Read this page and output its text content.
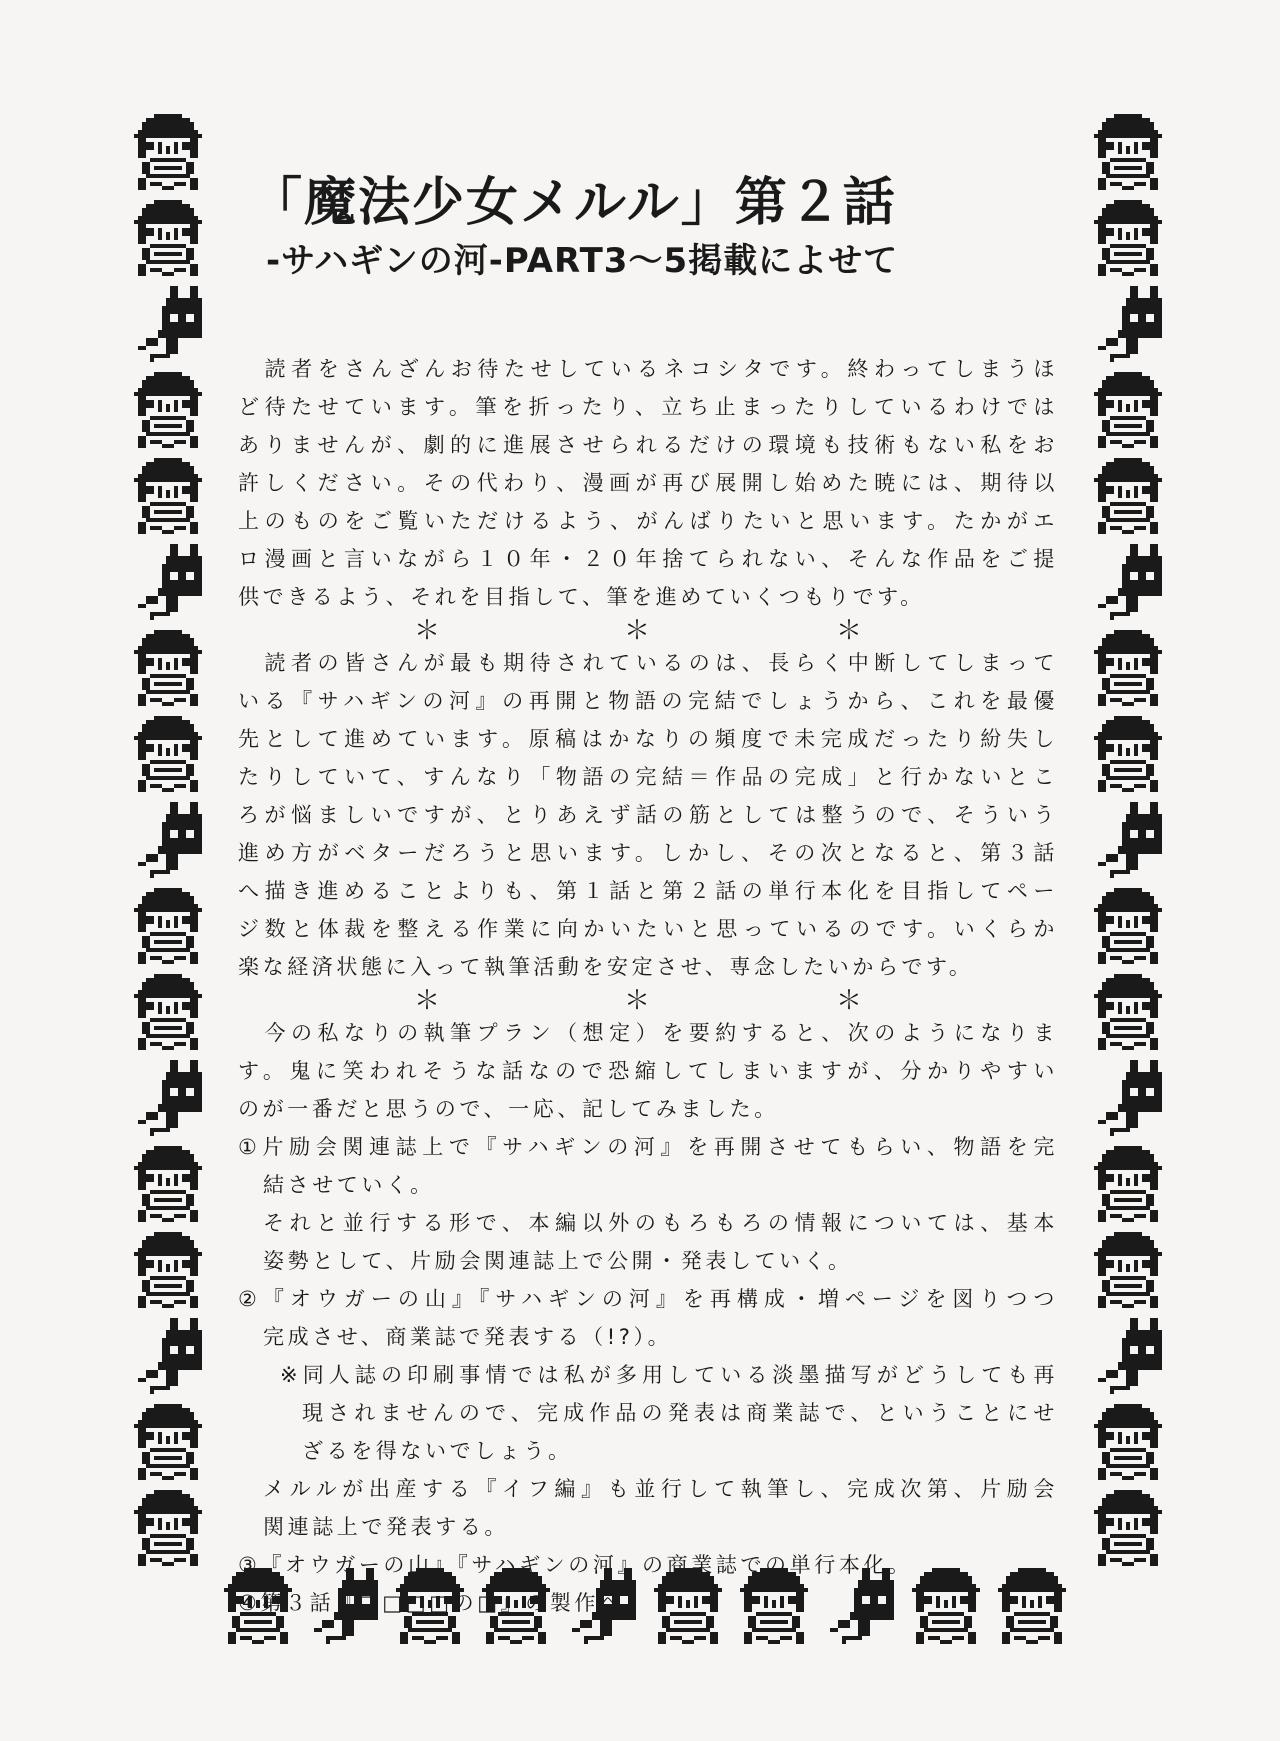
「魔法少女メルル」第２話
-サハギンの河-PART3〜5掲載によせて
　読者をさんざんお待たせしているネコシタです。終わってしまうほ
ど待たせています。筆を折ったり、立ち止まったりしているわけでは
ありませんが、劇的に進展させられるだけの環境も技術もない私をお
許しください。その代わり、漫画が再び展開し始めた暁には、期待以
上のものをご覧いただけるよう、がんばりたいと思います。たかがエ
ロ漫画と言いながら１０年・２０年捨てられない、そんな作品をご提
供できるよう、それを目指して、筆を進めていくつもりです。
＊	＊	＊
　読者の皆さんが最も期待されているのは、長らく中断してしまって
いる『サハギンの河』の再開と物語の完結でしょうから、これを最優
先として進めています。原稿はかなりの頻度で未完成だったり紛失し
たりしていて、すんなり「物語の完結＝作品の完成」と行かないとこ
ろが悩ましいですが、とりあえず話の筋としては整うので、そういう
進め方がベターだろうと思います。しかし、その次となると、第３話
へ描き進めることよりも、第１話と第２話の単行本化を目指してペー
ジ数と体裁を整える作業に向かいたいと思っているのです。いくらか
楽な経済状態に入って執筆活動を安定させ、専念したいからです。
＊	＊	＊
　今の私なりの執筆プラン（想定）を要約すると、次のようになりま
す。鬼に笑われそうな話なので恐縮してしまいますが、分かりやすい
のが一番だと思うので、一応、記してみました。
①片励会関連誌上で『サハギンの河』を再開させてもらい、物語を完
結させていく。
それと並行する形で、本編以外のもろもろの情報については、基本
姿勢として、片励会関連誌上で公開・発表していく。
②『オウガーの山』『サハギンの河』を再構成・増ページを図りつつ
完成させ、商業誌で発表する（!?）。
※同人誌の印刷事情では私が多用している淡墨描写がどうしても再
現されませんので、完成作品の発表は商業誌で、ということにせ
ざるを得ないでしょう。
メルルが出産する『イフ編』も並行して執筆し、完成次第、片励会
関連誌上で発表する。
③『オウガーの山』『サハギンの河』の商業誌での単行本化。
④第３話『□□□□の□』の製作へ。
